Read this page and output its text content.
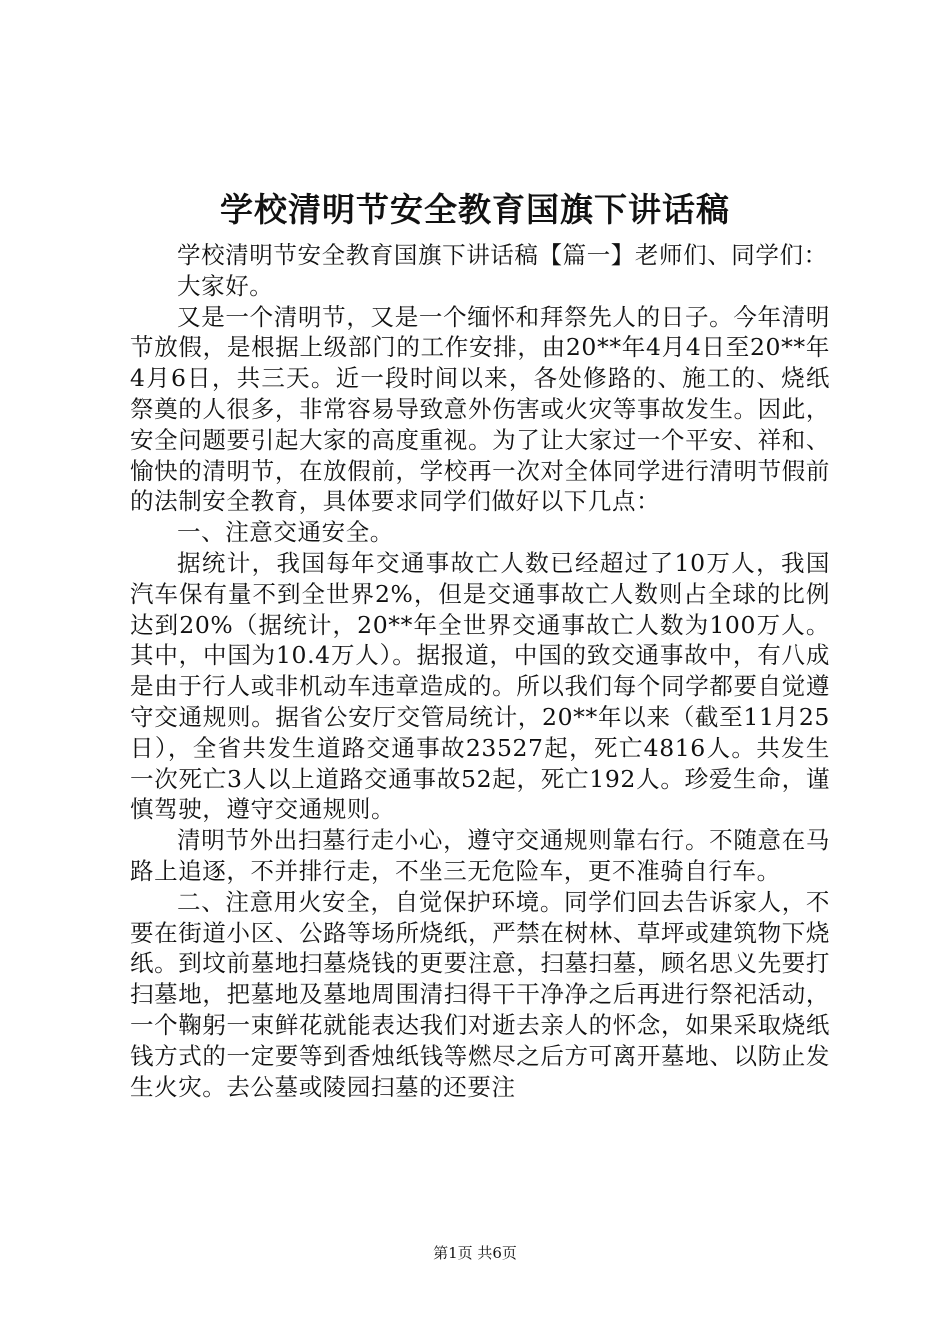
学校清明节安全教育国旗下讲话稿

学校清明节安全教育国旗下讲话稿【篇一】老师们、同学们：

大家好。

又是一个清明节，又是一个缅怀和拜祭先人的日子。今年清明节放假，是根据上级部门的工作安排，由20**年4月4日至20**年4月6日，共三天。近一段时间以来，各处修路的、施工的、烧纸祭奠的人很多，非常容易导致意外伤害或火灾等事故发生。因此，安全问题要引起大家的高度重视。为了让大家过一个平安、祥和、愉快的清明节，在放假前，学校再一次对全体同学进行清明节假前的法制安全教育，具体要求同学们做好以下几点：

一、注意交通安全。

据统计，我国每年交通事故亡人数已经超过了10万人，我国汽车保有量不到全世界2%，但是交通事故亡人数则占全球的比例达到20%（据统计，20**年全世界交通事故亡人数为100万人。其中，中国为10.4万人）。据报道，中国的致交通事故中，有八成是由于行人或非机动车违章造成的。所以我们每个同学都要自觉遵守交通规则。据省公安厅交管局统计，20**年以来（截至11月25日），全省共发生道路交通事故23527起，死亡4816人。共发生一次死亡3人以上道路交通事故52起，死亡192人。珍爱生命，谨慎驾驶，遵守交通规则。

清明节外出扫墓行走小心，遵守交通规则靠右行。不随意在马路上追逐，不并排行走，不坐三无危险车，更不准骑自行车。

二、注意用火安全，自觉保护环境。同学们回去告诉家人，不要在街道小区、公路等场所烧纸，严禁在树林、草坪或建筑物下烧纸。到坟前墓地扫墓烧钱的更要注意，扫墓扫墓，顾名思义先要打扫墓地，把墓地及墓地周围清扫得干干净净之后再进行祭祀活动，一个鞠躬一束鲜花就能表达我们对逝去亲人的怀念，如果采取烧纸钱方式的一定要等到香烛纸钱等燃尽之后方可离开墓地、以防止发生火灾。去公墓或陵园扫墓的还要注

第1页 共6页
